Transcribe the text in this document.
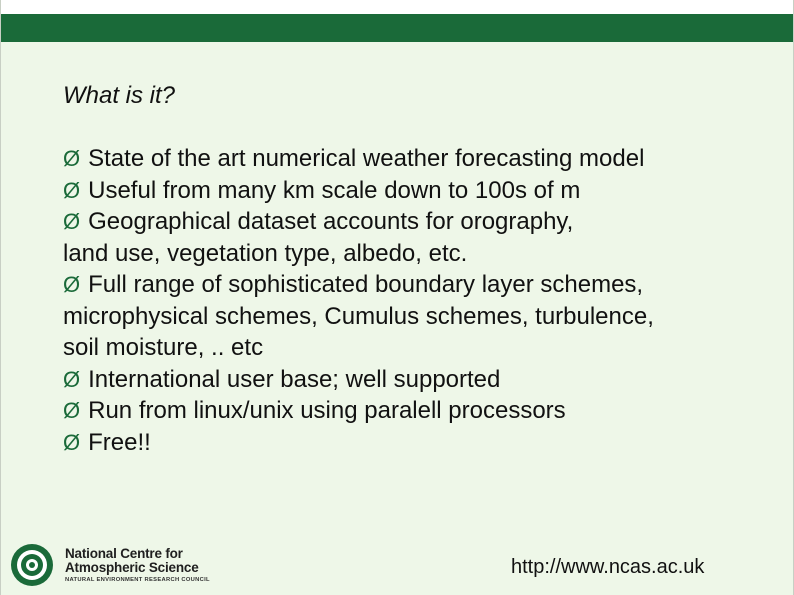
What is it?
Ø State of the art numerical weather forecasting model
Ø Useful from many km scale down to 100s of m
Ø Geographical dataset accounts for orography,
land use, vegetation type, albedo, etc.
Ø Full range of sophisticated boundary layer schemes,
microphysical schemes, Cumulus schemes, turbulence,
soil moisture, .. etc
Ø International user base; well supported
Ø Run from linux/unix using paralell processors
Ø Free!!
National Centre for
Atmospheric Science
NATURAL ENVIRONMENT RESEARCH COUNCIL
http://www.ncas.ac.uk
